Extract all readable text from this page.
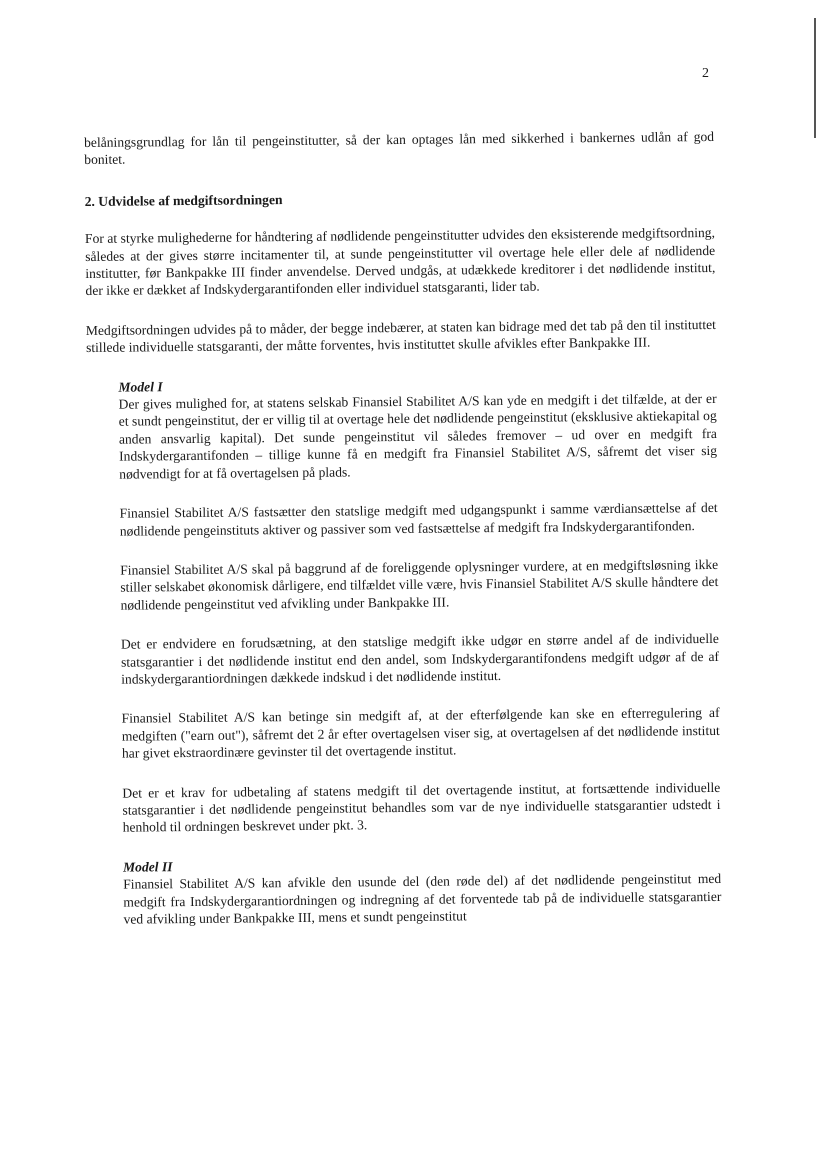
2

belåningsgrundlag for lån til pengeinstitutter, så der kan optages lån med sikkerhed i bankernes udlån af god bonitet.

2. Udvidelse af medgiftsordningen

For at styrke mulighederne for håndtering af nødlidende pengeinstitutter udvides den eksisterende medgiftsordning, således at der gives større incitamenter til, at sunde pengeinstitutter vil overtage hele eller dele af nødlidende institutter, før Bankpakke III finder anvendelse. Derved undgås, at udækkede kreditorer i det nødlidende institut, der ikke er dækket af Indskydergarantifonden eller individuel statsgaranti, lider tab.

Medgiftsordningen udvides på to måder, der begge indebærer, at staten kan bidrage med det tab på den til instituttet stillede individuelle statsgaranti, der måtte forventes, hvis instituttet skulle afvikles efter Bankpakke III.

Model I

Der gives mulighed for, at statens selskab Finansiel Stabilitet A/S kan yde en medgift i det tilfælde, at der er et sundt pengeinstitut, der er villig til at overtage hele det nødlidende pengeinstitut (eksklusive aktiekapital og anden ansvarlig kapital). Det sunde pengeinstitut vil således fremover – ud over en medgift fra Indskydergarantifonden – tillige kunne få en medgift fra Finansiel Stabilitet A/S, såfremt det viser sig nødvendigt for at få overtagelsen på plads.

Finansiel Stabilitet A/S fastsætter den statslige medgift med udgangspunkt i samme værdiansættelse af det nødlidende pengeinstituts aktiver og passiver som ved fastsættelse af medgift fra Indskydergarantifonden.

Finansiel Stabilitet A/S skal på baggrund af de foreliggende oplysninger vurdere, at en medgiftsløsning ikke stiller selskabet økonomisk dårligere, end tilfældet ville være, hvis Finansiel Stabilitet A/S skulle håndtere det nødlidende pengeinstitut ved afvikling under Bankpakke III.

Det er endvidere en forudsætning, at den statslige medgift ikke udgør en større andel af de individuelle statsgarantier i det nødlidende institut end den andel, som Indskydergarantifondens medgift udgør af de af indskydergarantiordningen dækkede indskud i det nødlidende institut.

Finansiel Stabilitet A/S kan betinge sin medgift af, at der efterfølgende kan ske en efterregulering af medgiften ("earn out"), såfremt det 2 år efter overtagelsen viser sig, at overtagelsen af det nødlidende institut har givet ekstraordinære gevinster til det overtagende institut.

Det er et krav for udbetaling af statens medgift til det overtagende institut, at fortsættende individuelle statsgarantier i det nødlidende pengeinstitut behandles som var de nye individuelle statsgarantier udstedt i henhold til ordningen beskrevet under pkt. 3.

Model II

Finansiel Stabilitet A/S kan afvikle den usunde del (den røde del) af det nødlidende pengeinstitut med medgift fra Indskydergarantiordningen og indregning af det forventede tab på de individuelle statsgarantier ved afvikling under Bankpakke III, mens et sundt pengeinstitut
